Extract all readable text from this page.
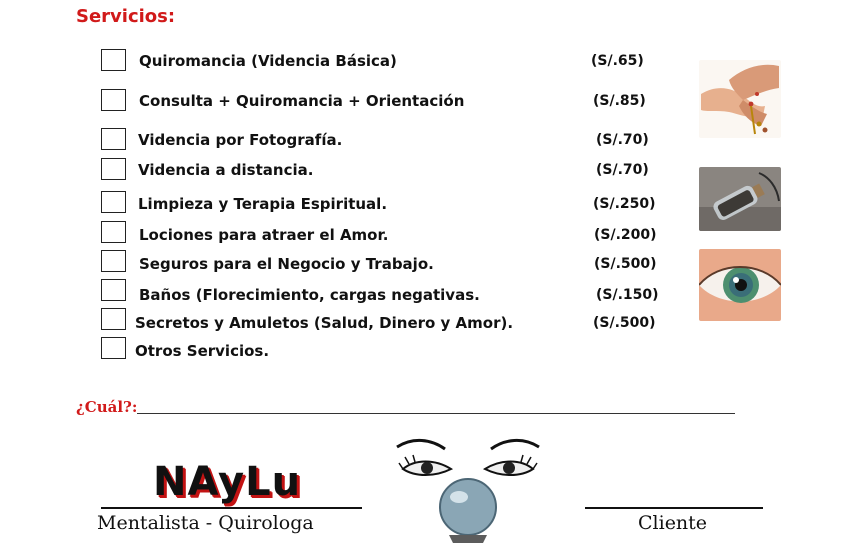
Servicios:
Quiromancia (Videncia Básica)	(S/.65)
Consulta + Quiromancia + Orientación	(S/.85)
Videncia por Fotografía.	(S/.70)
Videncia a distancia.	(S/.70)
Limpieza y Terapia Espiritual.	(S/.250)
Lociones para atraer el Amor.	(S/.200)
Seguros para el Negocio y Trabajo.	(S/.500)
Baños (Florecimiento, cargas negativas.	(S/.150)
Secretos y Amuletos (Salud, Dinero y Amor).	(S/.500)
Otros Servicios.
¿Cuál?:
NAyLu
Mentalista - Quirologa	Cliente
